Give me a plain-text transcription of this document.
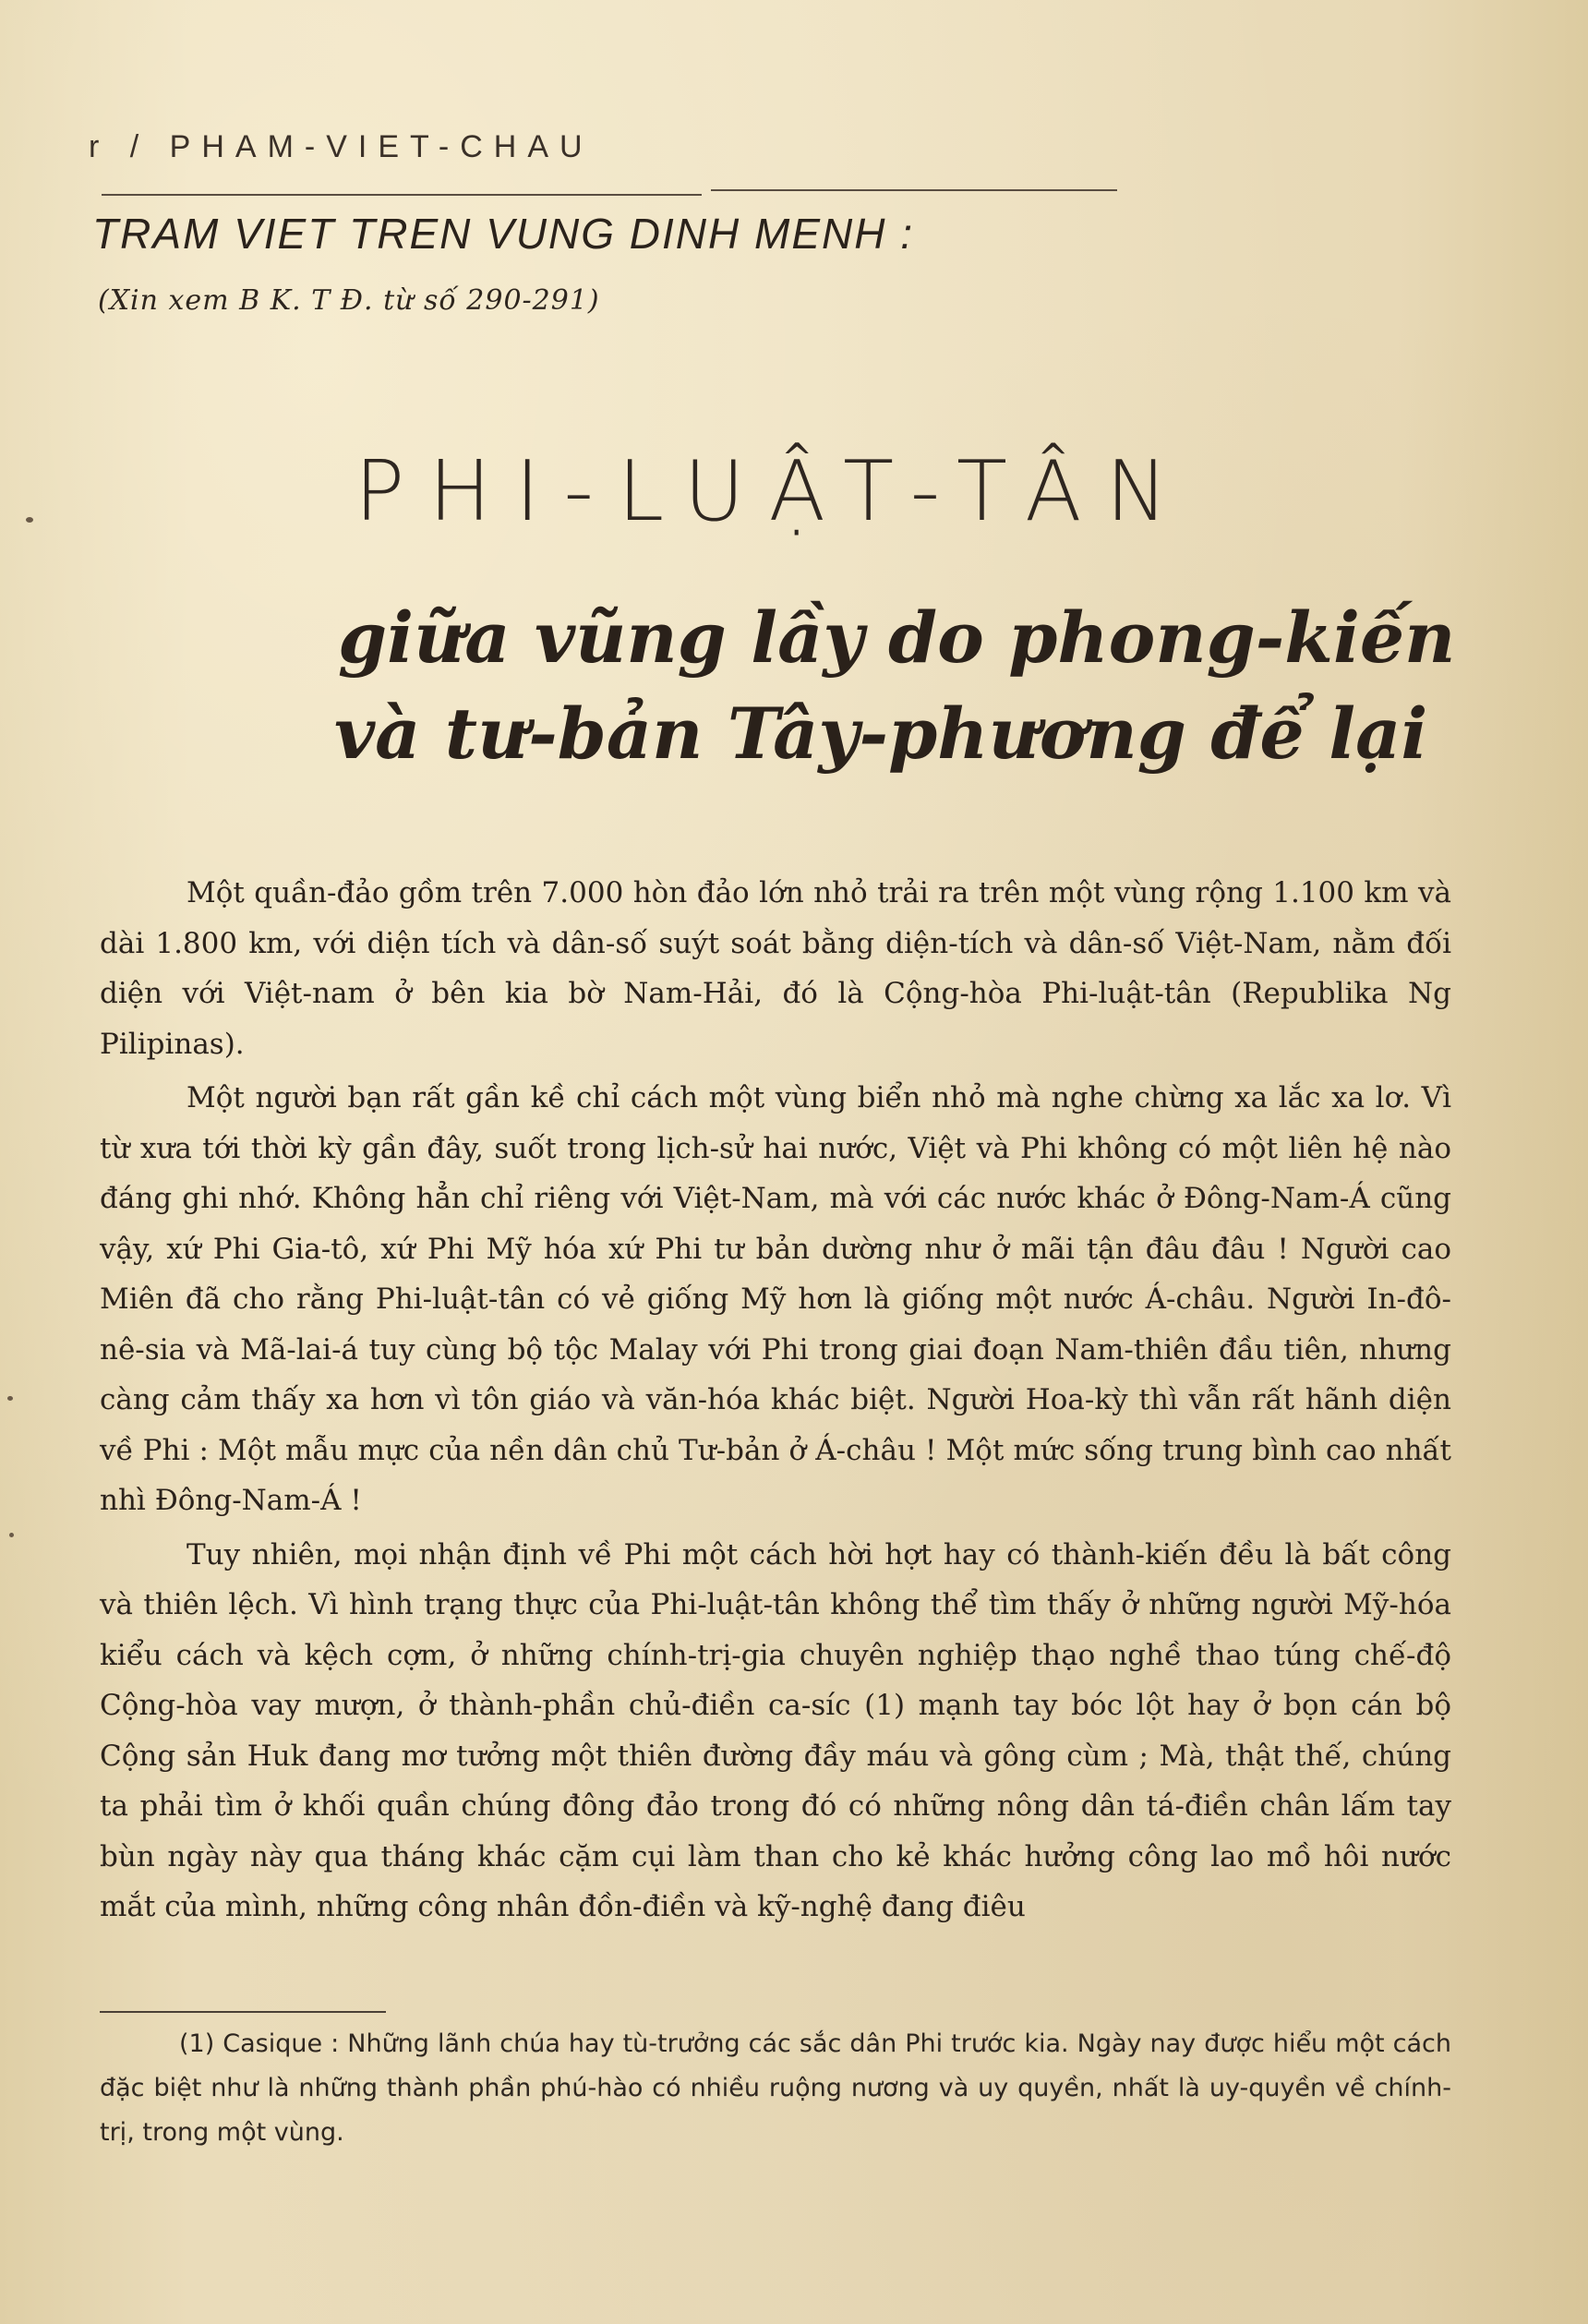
r / PHAM-VIET-CHAU
TRAM VIET TREN VUNG DINH MENH :
(Xin xem B K. T Đ. từ số 290-291)
PHI-LUẬT-TÂN
giữa vũng lầy do phong-kiến
và tư-bản Tây-phương để lại

Một quần-đảo gồm trên 7.000 hòn đảo lớn nhỏ trải ra trên một vùng rộng 1.100 km và dài 1.800 km, với diện tích và dân-số suýt soát bằng diện-tích và dân-số Việt-Nam, nằm đối diện với Việt-nam ở bên kia bờ Nam-Hải, đó là Cộng-hòa Phi-luật-tân (Republika Ng Pilipinas).

Một người bạn rất gần kề chỉ cách một vùng biển nhỏ mà nghe chừng xa lắc xa lơ. Vì từ xưa tới thời kỳ gần đây, suốt trong lịch-sử hai nước, Việt và Phi không có một liên hệ nào đáng ghi nhớ. Không hẳn chỉ riêng với Việt-Nam, mà với các nước khác ở Đông-Nam-Á cũng vậy, xứ Phi Gia-tô, xứ Phi Mỹ hóa xứ Phi tư bản dường như ở mãi tận đâu đâu ! Người cao Miên đã cho rằng Phi-luật-tân có vẻ giống Mỹ hơn là giống một nước Á-châu. Người In-đô-nê-sia và Mã-lai-á tuy cùng bộ tộc Malay với Phi trong giai đoạn Nam-thiên đầu tiên, nhưng càng cảm thấy xa hơn vì tôn giáo và văn-hóa khác biệt. Người Hoa-kỳ thì vẫn rất hãnh diện về Phi : Một mẫu mực của nền dân chủ Tư-bản ở Á-châu ! Một mức sống trung bình cao nhất nhì Đông-Nam-Á !

Tuy nhiên, mọi nhận định về Phi một cách hời hợt hay có thành-kiến đều là bất công và thiên lệch. Vì hình trạng thực của Phi-luật-tân không thể tìm thấy ở những người Mỹ-hóa kiểu cách và kệch cợm, ở những chính-trị-gia chuyên nghiệp thạo nghề thao túng chế-độ Cộng-hòa vay mượn, ở thành-phần chủ-điền ca-síc (1) mạnh tay bóc lột hay ở bọn cán bộ Cộng sản Huk đang mơ tưởng một thiên đường đầy máu và gông cùm ; Mà, thật thế, chúng ta phải tìm ở khối quần chúng đông đảo trong đó có những nông dân tá-điền chân lấm tay bùn ngày này qua tháng khác cặm cụi làm than cho kẻ khác hưởng công lao mồ hôi nước mắt của mình, những công nhân đồn-điền và kỹ-nghệ đang điêu

(1) Casique : Những lãnh chúa hay tù-trưởng các sắc dân Phi trước kia. Ngày nay được hiểu một cách đặc biệt như là những thành phần phú-hào có nhiều ruộng nương và uy quyền, nhất là uy-quyền về chính-trị, trong một vùng.
